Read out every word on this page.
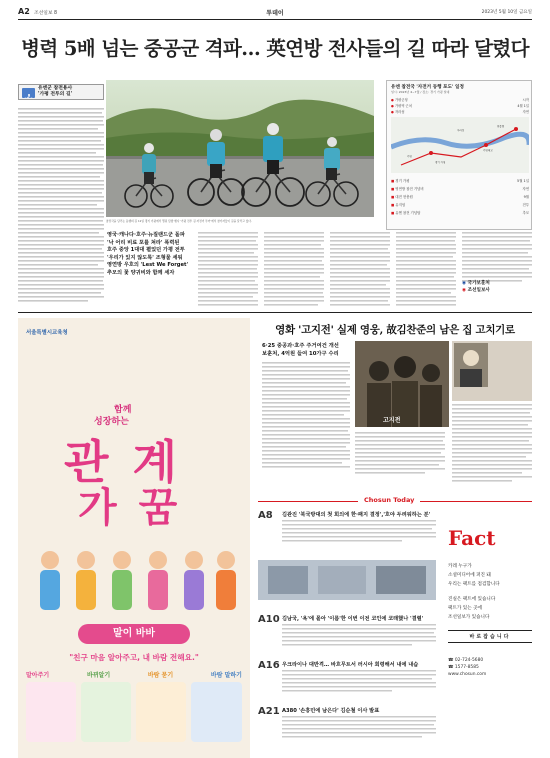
A2 조선일보 8	투데이	2023년 5월 10일 금요일
병력 5배 넘는 중공군 격파… 英연방 전사들의 길 따라 달렸다
유엔군 참전용사
'가평 전투의 길'
참전국을 달리는 동행의 길 11일 경기 가평에서 열린 탐방 행사 '가평 전투 길 자전거 투어'에서 참가자들이 길을 달리고 있다.
유엔 참전국 '자전거 동행 포도' 일정
일시: 2023년 4~7월 / 장소: 경기 가평 일대
● 가평군청	시작
● 가평역 근처	4월 1일
● 자라섬	자연
가평
자라섬
가평대교
경기 가평
현충원
■ 경기 가평	5월 1일
■ 영연방 참전 기념비	자연
■ 대전 현충원	9월
■ 뮤지엄	전투
■ 유엔 참전 기념탑	추모
영국·캐나다·호주·뉴질랜드군 돌파
'낙 어리 비료 포를 쳐라' 폭력된
호주 중앙 1대대 펼었던 가평 전투
'우리가 있지 않도록' 조형물 세워
영연방 우호의 'Lest We Forget'
추모의 꽃 양귀비와 함께 세자
◉ 국가보훈처
◉ 조선일보사
서울특별시교육청
함께
성장하는
관 계
가 꿈
말이 바바
"친구 마음 알아주고, 내 바람 전해요."
말아주기	바뀌알기	바람 묻기	바람 말하기
영화 '고지전' 실제 영웅, 故김찬준의 남은 집 고치기로
6·25 중공과·호주 주거여건 개선
보훈처, 4억원 들여 10가구 수리
고지전
Chosun Today
A8 김관진 '북국방대의 첫 회의에 한·패지 결정','호야 두려워하는 분'
A10 김남국, '욕'에 몰아 '이름'한 이번 이전 코인에 코래했나 '결렬'
A16 우크라이나 대반격… 바흐무트서 러시아 회령해서 내에 내습
A21 A380 '손흥민에 남은다' 김순철 이사 발표
Fact
카레 누구가
소셜미디어에 퍼진 돼
우리는 팩트를 점검합니다
진실은 팩트에 있습니다
팩트가 있는 곳에
조선일보가 있습니다
바로잡습니다
☎ 02-724-5680
☎ 1577-8585
www.chosun.com
